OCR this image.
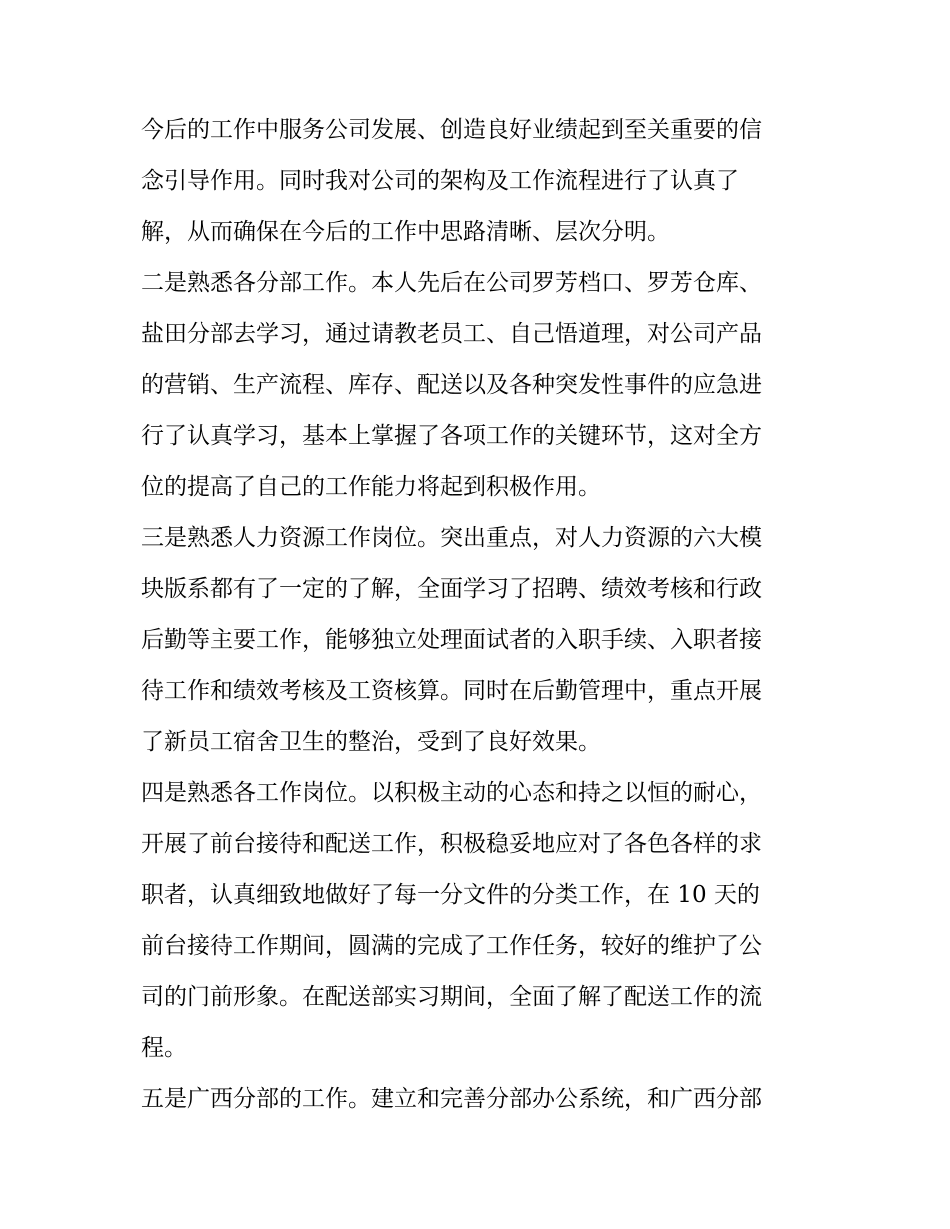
今后的工作中服务公司发展、创造良好业绩起到至关重要的信
念引导作用。同时我对公司的架构及工作流程进行了认真了
解，从而确保在今后的工作中思路清晰、层次分明。
二是熟悉各分部工作。本人先后在公司罗芳档口、罗芳仓库、
盐田分部去学习，通过请教老员工、自己悟道理，对公司产品
的营销、生产流程、库存、配送以及各种突发性事件的应急进
行了认真学习，基本上掌握了各项工作的关键环节，这对全方
位的提高了自己的工作能力将起到积极作用。
三是熟悉人力资源工作岗位。突出重点，对人力资源的六大模
块版系都有了一定的了解，全面学习了招聘、绩效考核和行政
后勤等主要工作，能够独立处理面试者的入职手续、入职者接
待工作和绩效考核及工资核算。同时在后勤管理中，重点开展
了新员工宿舍卫生的整治，受到了良好效果。
四是熟悉各工作岗位。以积极主动的心态和持之以恒的耐心，
开展了前台接待和配送工作，积极稳妥地应对了各色各样的求
职者，认真细致地做好了每一分文件的分类工作，在 10 天的
前台接待工作期间，圆满的完成了工作任务，较好的维护了公
司的门前形象。在配送部实习期间，全面了解了配送工作的流
程。
五是广西分部的工作。建立和完善分部办公系统，和广西分部
